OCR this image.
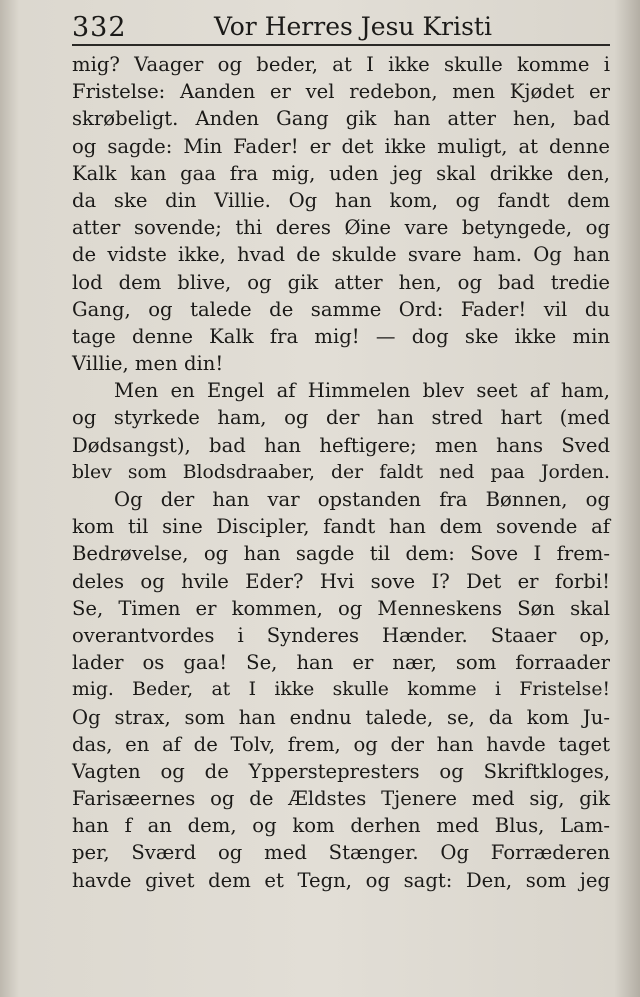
332	Vor Herres Jesu Kristi
mig? Vaager og beder, at I ikke skulle komme i
Fristelse: Aanden er vel redebon, men Kjødet er
skrøbeligt. Anden Gang gik han atter hen, bad
og sagde: Min Fader! er det ikke muligt, at denne
Kalk kan gaa fra mig, uden jeg skal drikke den,
da ske din Villie. Og han kom, og fandt dem
atter sovende; thi deres Øine vare betyngede, og
de vidste ikke, hvad de skulde svare ham. Og han
lod dem blive, og gik atter hen, og bad tredie
Gang, og talede de samme Ord: Fader! vil du
tage denne Kalk fra mig! — dog ske ikke min
Villie, men din!
Men en Engel af Himmelen blev seet af ham,
og styrkede ham, og der han stred hart (med
Dødsangst), bad han heftigere; men hans Sved
blev som Blodsdraaber, der faldt ned paa Jorden.
Og der han var opstanden fra Bønnen, og
kom til sine Discipler, fandt han dem sovende af
Bedrøvelse, og han sagde til dem: Sove I frem-
deles og hvile Eder? Hvi sove I? Det er forbi!
Se, Timen er kommen, og Menneskens Søn skal
overantvordes i Synderes Hænder. Staaer op,
lader os gaa! Se, han er nær, som forraader
mig. Beder, at I ikke skulle komme i Fristelse!
Og strax, som han endnu talede, se, da kom Ju-
das, en af de Tolv, frem, og der han havde taget
Vagten og de Ypperstepresters og Skriftkloges,
Farisæernes og de Ældstes Tjenere med sig, gik
han f an dem, og kom derhen med Blus, Lam-
per, Sværd og med Stænger. Og Forræderen
havde givet dem et Tegn, og sagt: Den, som jeg
